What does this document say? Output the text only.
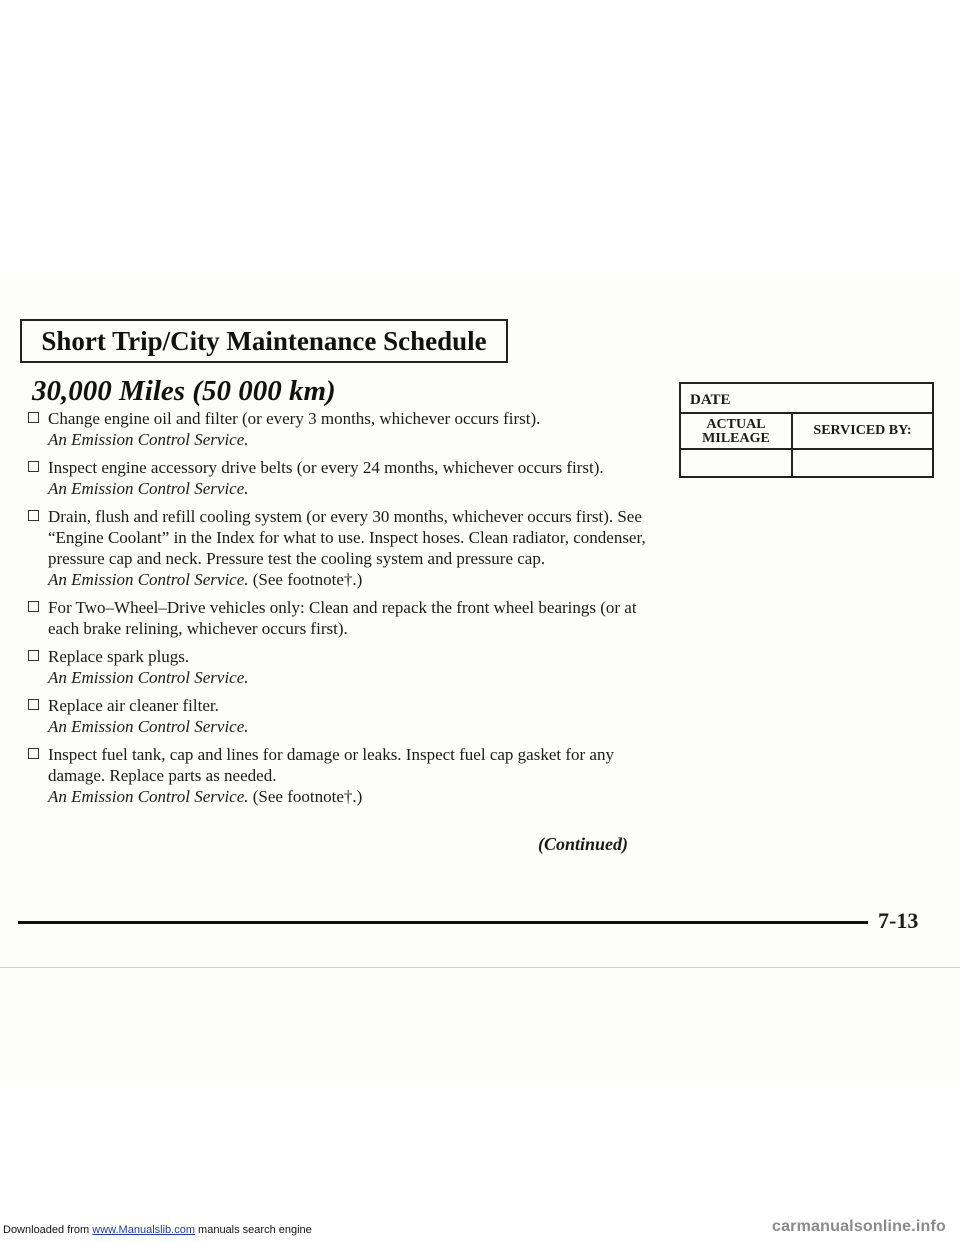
Short Trip/City Maintenance Schedule
30,000 Miles (50 000 km)
Change engine oil and filter (or every 3 months, whichever occurs first).
An Emission Control Service.
Inspect engine accessory drive belts (or every 24 months, whichever occurs first).
An Emission Control Service.
Drain, flush and refill cooling system (or every 30 months, whichever occurs first). See “Engine Coolant” in the Index for what to use. Inspect hoses. Clean radiator, condenser, pressure cap and neck. Pressure test the cooling system and pressure cap.
An Emission Control Service. (See footnote†.)
For Two–Wheel–Drive vehicles only: Clean and repack the front wheel bearings (or at each brake relining, whichever occurs first).
Replace spark plugs.
An Emission Control Service.
Replace air cleaner filter.
An Emission Control Service.
Inspect fuel tank, cap and lines for damage or leaks. Inspect fuel cap gasket for any damage. Replace parts as needed.
An Emission Control Service. (See footnote†.)
(Continued)
DATE
ACTUAL
MILEAGE
SERVICED BY:
7-13
Downloaded from www.Manualslib.com manuals search engine	carmanualsonline.info
